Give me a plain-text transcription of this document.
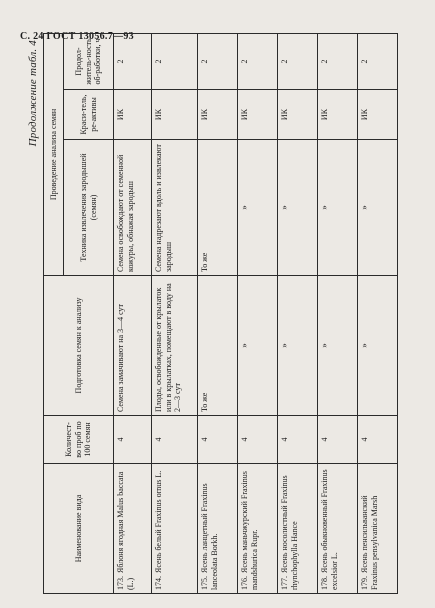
С. 24 ГОСТ 13056.7—93
Продолжение табл. 4
Наименование вида	Количест-во проб по 100 семян	Подготовка семян к анализу	Проведение анализа семян		
			Техника извлечения зародышей (семян)	Краси-тель, ре-активы	Продол-житель-ность об-работки, ч
173.Яблоня ягодная Malus baccata (L.)	4	Семена замачивают на 3—4 сут	Семена освобождают от семенной кожуры, обнажая зародыш	ИК	2
174.Ясень белый Fraxinus ornus L.	4	Плоды, освобожденные от крылаток или в крылатках, помещают в воду на 2—3 сут	Семена надрезают вдоль и извлекают зародыш	ИК	2
175.Ясень ланцетный Fraxinus lanceolata Borkh.	4	То же	То же	ИК	2
176.Ясень маньчжурский Fraxinus mandshurica Rupr.	4	»	»	ИК	2
177.Ясень носолистный Fraxinus rhynchophylla Hance	4	»	»	ИК	2
178.Ясень обыкновенный Fraxinus excelsior L.	4	»	»	ИК	2
179.Ясень пенсильванский Fraxinus pensylvanica Marsh	4	»	»	ИК	2
